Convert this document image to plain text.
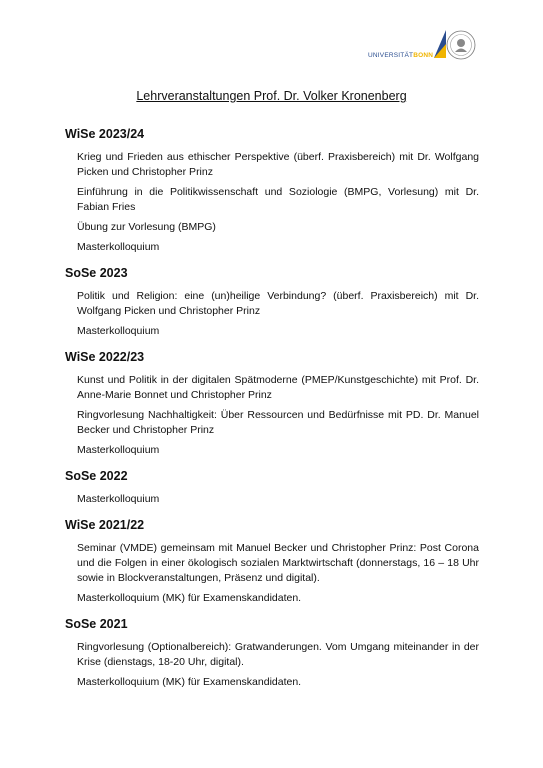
UNIVERSITÄTBONN
Lehrveranstaltungen Prof. Dr. Volker Kronenberg
WiSe 2023/24
Krieg und Frieden aus ethischer Perspektive (überf. Praxisbereich) mit Dr. Wolfgang Picken und Christopher Prinz
Einführung in die Politikwissenschaft und Soziologie (BMPG, Vorlesung) mit Dr. Fabian Fries
Übung zur Vorlesung (BMPG)
Masterkolloquium
SoSe 2023
Politik und Religion: eine (un)heilige Verbindung? (überf. Praxisbereich) mit Dr. Wolfgang Picken und Christopher Prinz
Masterkolloquium
WiSe 2022/23
Kunst und Politik in der digitalen Spätmoderne (PMEP/Kunstgeschichte) mit Prof. Dr. Anne-Marie Bonnet und Christopher Prinz
Ringvorlesung Nachhaltigkeit: Über Ressourcen und Bedürfnisse mit PD. Dr. Manuel Becker und Christopher Prinz
Masterkolloquium
SoSe 2022
Masterkolloquium
WiSe 2021/22
Seminar (VMDE) gemeinsam mit Manuel Becker und Christopher Prinz: Post Corona und die Folgen in einer ökologisch sozialen Marktwirtschaft (donnerstags, 16 – 18 Uhr sowie in Blockveranstaltungen, Präsenz und digital).
Masterkolloquium (MK) für Examenskandidaten.
SoSe 2021
Ringvorlesung (Optionalbereich): Gratwanderungen. Vom Umgang miteinander in der Krise (dienstags, 18-20 Uhr, digital).
Masterkolloquium (MK) für Examenskandidaten.
